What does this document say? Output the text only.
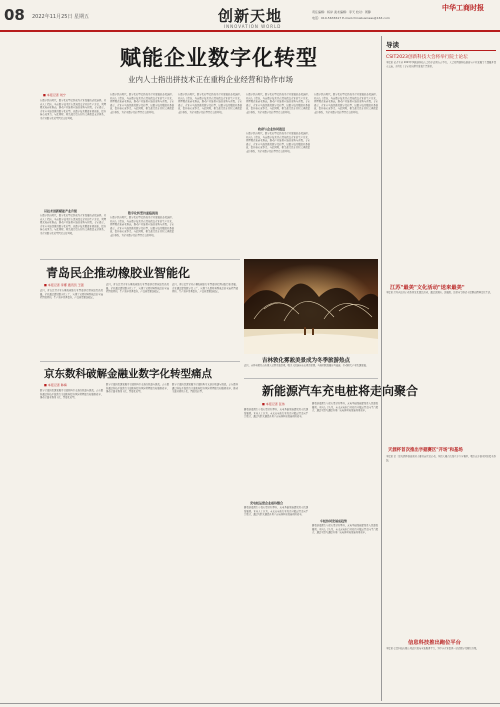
08 2022年11月25日 星期五	创新天地
INNOVATION WORLD
责任编辑：杨岸 美术编辑：李天 校对：周静
电话：010-5633617 E-mail:chinabusiness@163.com
中华工商时报
赋能企业数字化转型
业内人士指出拼技术正在重构企业经营和协作市场
■ 本报记者 刘宁
在数字经济时代，数字化转型已经成为企业发展的必然选择。业内人士指出，当前数字技术正在深刻改变企业的生产方式、管理模式和商业形态，推动产业链供应链的重构与升级。专家表示，企业应当加快推进数字化转型，以数字技术赋能业务创新，提升核心竞争力。与此同时，相关部门也在持续完善政策支持体系，为企业数字化转型营造良好环境。
以技术创新赋能产业升级
在数字经济时代，数字化转型已经成为企业发展的必然选择。业内人士指出，当前数字技术正在深刻改变企业的生产方式、管理模式和商业形态，推动产业链供应链的重构与升级。专家表示，企业应当加快推进数字化转型，以数字技术赋能业务创新，提升核心竞争力。与此同时，相关部门也在持续完善政策支持体系，为企业数字化转型营造良好环境。
在数字经济时代，数字化转型已经成为企业发展的必然选择。业内人士指出，当前数字技术正在深刻改变企业的生产方式、管理模式和商业形态，推动产业链供应链的重构与升级。专家表示，企业应当加快推进数字化转型，以数字技术赋能业务创新，提升核心竞争力。与此同时，相关部门也在持续完善政策支持体系，为企业数字化转型营造良好环境。
数字化转型仍面临挑战
在数字经济时代，数字化转型已经成为企业发展的必然选择。业内人士指出，当前数字技术正在深刻改变企业的生产方式、管理模式和商业形态，推动产业链供应链的重构与升级。专家表示，企业应当加快推进数字化转型，以数字技术赋能业务创新，提升核心竞争力。与此同时，相关部门也在持续完善政策支持体系，为企业数字化转型营造良好环境。
在数字经济时代，数字化转型已经成为企业发展的必然选择。业内人士指出，当前数字技术正在深刻改变企业的生产方式、管理模式和商业形态，推动产业链供应链的重构与升级。专家表示，企业应当加快推进数字化转型，以数字技术赋能业务创新，提升核心竞争力。与此同时，相关部门也在持续完善政策支持体系，为企业数字化转型营造良好环境。
在数字经济时代，数字化转型已经成为企业发展的必然选择。业内人士指出，当前数字技术正在深刻改变企业的生产方式、管理模式和商业形态，推动产业链供应链的重构与升级。专家表示，企业应当加快推进数字化转型，以数字技术赋能业务创新，提升核心竞争力。与此同时，相关部门也在持续完善政策支持体系，为企业数字化转型营造良好环境。
政府与企业协同推进
在数字经济时代，数字化转型已经成为企业发展的必然选择。业内人士指出，当前数字技术正在深刻改变企业的生产方式、管理模式和商业形态，推动产业链供应链的重构与升级。专家表示，企业应当加快推进数字化转型，以数字技术赋能业务创新，提升核心竞争力。与此同时，相关部门也在持续完善政策支持体系，为企业数字化转型营造良好环境。
在数字经济时代，数字化转型已经成为企业发展的必然选择。业内人士指出，当前数字技术正在深刻改变企业的生产方式、管理模式和商业形态，推动产业链供应链的重构与升级。专家表示，企业应当加快推进数字化转型，以数字技术赋能业务创新，提升核心竞争力。与此同时，相关部门也在持续完善政策支持体系，为企业数字化转型营造良好环境。
青岛民企推动橡胶业智能化
■ 本报记者 李娜 通讯员 王强
近日，青岛民营企业在橡胶轮胎行业智能制造领域取得新进展。企业通过建设数字化工厂，实现了从原材料到成品的全流程智能管控，生产效率显著提升，产品质量更加稳定。
近日，青岛民营企业在橡胶轮胎行业智能制造领域取得新进展。企业通过建设数字化工厂，实现了从原材料到成品的全流程智能管控，生产效率显著提升，产品质量更加稳定。
近日，青岛民营企业在橡胶轮胎行业智能制造领域取得新进展。企业通过建设数字化工厂，实现了从原材料到成品的全流程智能管控，生产效率显著提升，产品质量更加稳定。
吉林敦化雾凇美景成为冬季旅游热点
近日，吉林省敦化市出现大范围雾凇景观，吸引大批游客前来观赏拍照。当地积极发展冰雪旅游，带动相关产业快速发展。
京东数科破解金融业数字化转型痛点
■ 本报记者 韩梅
数字金融的快速发展为金融机构带来新的机遇与挑战。京东数科通过科技手段助力金融机构提升风险管理能力和服务效率，推动金融业务线上化、智能化转型。
数字金融的快速发展为金融机构带来新的机遇与挑战。京东数科通过科技手段助力金融机构提升风险管理能力和服务效率，推动金融业务线上化、智能化转型。
数字金融的快速发展为金融机构带来新的机遇与挑战。京东数科通过科技手段助力金融机构提升风险管理能力和服务效率，推动金融业务线上化、智能化转型。	新能源汽车充电桩将走向聚合
■ 本报记者 张伟
随着新能源汽车保有量持续攀升，充电基础设施建设进入快速发展期。业内人士认为，未来充电桩行业将由分散运营走向平台聚合，通过互联互通提升用户充电体验和设施利用效率。
充电桩运营企业亟待整合
随着新能源汽车保有量持续攀升，充电基础设施建设进入快速发展期。业内人士认为，未来充电桩行业将由分散运营走向平台聚合，通过互联互通提升用户充电体验和设施利用效率。
随着新能源汽车保有量持续攀升，充电基础设施建设进入快速发展期。业内人士认为，未来充电桩行业将由分散运营走向平台聚合，通过互联互通提升用户充电体验和设施利用效率。
车桩协同发展成趋势
随着新能源汽车保有量持续攀升，充电基础设施建设进入快速发展期。业内人士认为，未来充电桩行业将由分散运营走向平台聚合，通过互联互通提升用户充电体验和设施利用效率。
导读
CSIT2023创新科技大会将举行院士论坛
本报讯 记者王芳 2023中国创新科技大会将于近期在京举行。大会将围绕科技创新与产业发展等主题展开深入交流，多位院士专家将出席并发表主旨演讲。
江苏"最美"文化活动"送来最美"
本报讯 江苏省近日启动系列文化惠民活动，通过送演出、送展览、送讲座等形式丰富群众精神文化生活。
天涯杯首次推出字据赛区"开场"和基场
本报讯 第三届天涯杯创新创业大赛日前正式启动，本届大赛首次设立多个分赛区，吸引众多创业团队报名参加。
信息科技推出跑位平台
本报讯 信息科技有限公司近日发布全新服务平台，为中小企业提供一站式数字化解决方案。
